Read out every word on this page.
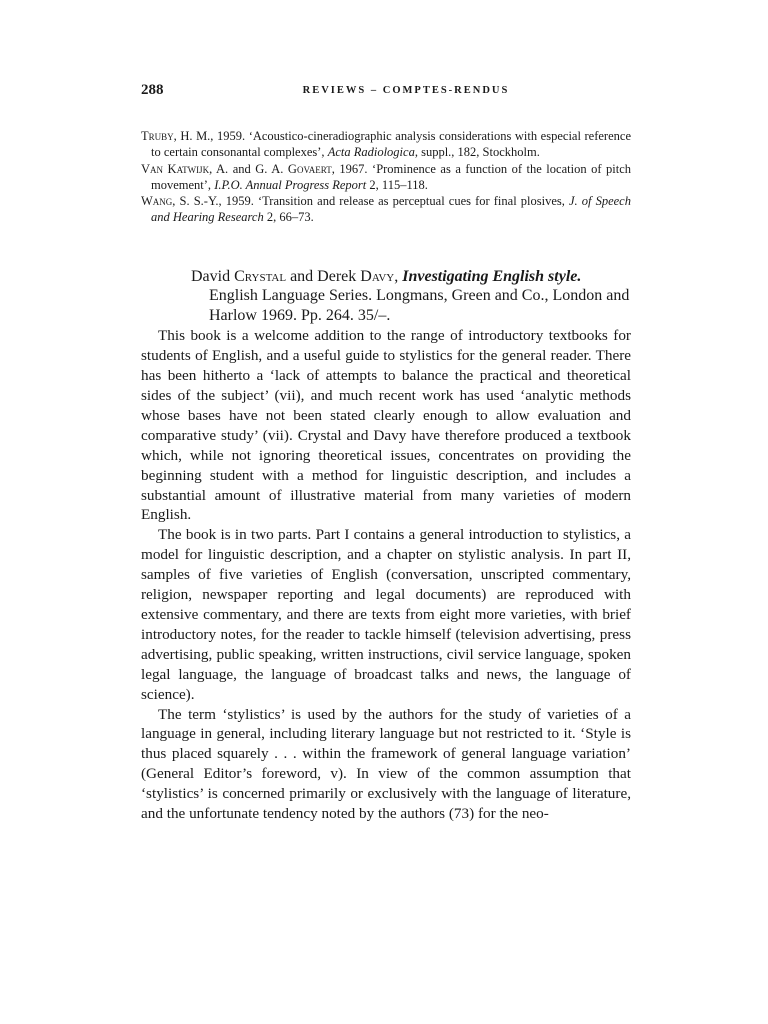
288	REVIEWS – COMPTES-RENDUS
Truby, H. M., 1959. ‘Acoustico-cineradiographic analysis considerations with especial reference to certain consonantal complexes’, Acta Radiologica, suppl., 182, Stockholm.
Van Katwijk, A. and G. A. Govaert, 1967. ‘Prominence as a function of the location of pitch movement’, I.P.O. Annual Progress Report 2, 115–118.
Wang, S. S.-Y., 1959. ‘Transition and release as perceptual cues for final plosives, J. of Speech and Hearing Research 2, 66–73.
David Crystal and Derek Davy, Investigating English style. English Language Series. Longmans, Green and Co., London and Harlow 1969. Pp. 264. 35/–.

This book is a welcome addition to the range of introductory textbooks for students of English, and a useful guide to stylistics for the general reader. There has been hitherto a ‘lack of attempts to balance the practical and theoretical sides of the subject’ (vii), and much recent work has used ‘analytic methods whose bases have not been stated clearly enough to allow evaluation and comparative study’ (vii). Crystal and Davy have therefore produced a textbook which, while not ignoring theoretical issues, concentrates on providing the beginning student with a method for linguistic description, and includes a substantial amount of illustrative material from many varieties of modern English.

The book is in two parts. Part I contains a general introduction to stylistics, a model for linguistic description, and a chapter on stylistic analysis. In part II, samples of five varieties of English (conversation, unscripted commentary, religion, newspaper reporting and legal documents) are reproduced with extensive commentary, and there are texts from eight more varieties, with brief introductory notes, for the reader to tackle himself (television advertising, press advertising, public speaking, written instructions, civil service language, spoken legal language, the language of broadcast talks and news, the language of science).

The term ‘stylistics’ is used by the authors for the study of varieties of a language in general, including literary language but not restricted to it. ‘Style is thus placed squarely . . . within the framework of general language variation’ (General Editor’s foreword, v). In view of the common assumption that ‘stylistics’ is concerned primarily or exclusively with the language of literature, and the unfortunate tendency noted by the authors (73) for the neo-
